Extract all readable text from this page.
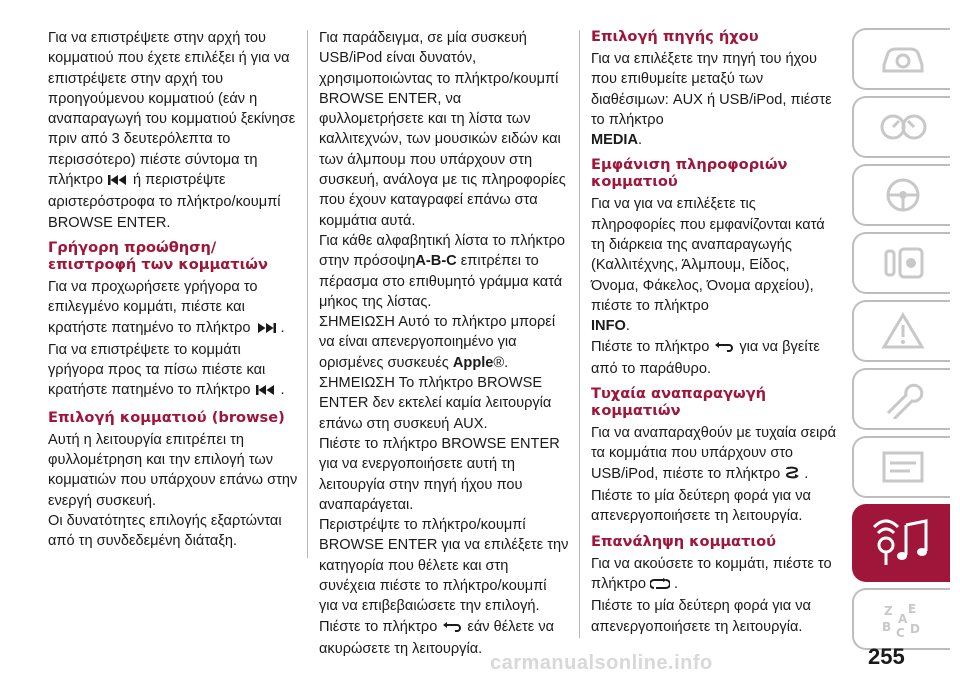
Για να επιστρέψετε στην αρχή του κομματιού που έχετε επιλέξει ή για να επιστρέψετε στην αρχή του προηγούμενου κομματιού (εάν η αναπαραγωγή του κομματιού ξεκίνησε πριν από 3 δευτερόλεπτα το περισσότερο) πιέστε σύντομα τη πλήκτρο ή περιστρέψτε αριστερόστροφα το πλήκτρο/κουμπί BROWSE ENTER.

Γρήγορη προώθηση/επιστροφή των κομματιών

Για να προχωρήσετε γρήγορα το επιλεγμένο κομμάτι, πιέστε και κρατήστε πατημένο το πλήκτρο .

Για να επιστρέψετε το κομμάτι γρήγορα προς τα πίσω πιέστε και κρατήστε πατημένο το πλήκτρο .

Επιλογή κομματιού (browse)

Αυτή η λειτουργία επιτρέπει τη φυλλομέτρηση και την επιλογή των κομματιών που υπάρχουν επάνω στην ενεργή συσκευή.

Οι δυνατότητες επιλογής εξαρτώνται από τη συνδεδεμένη διάταξη.

Για παράδειγμα, σε μία συσκευή USB/iPod είναι δυνατόν, χρησιμοποιώντας το πλήκτρο/κουμπί BROWSE ENTER, να φυλλομετρήσετε και τη λίστα των καλλιτεχνών, των μουσικών ειδών και των άλμπουμ που υπάρχουν στη συσκευή, ανάλογα με τις πληροφορίες που έχουν καταγραφεί επάνω στα κομμάτια αυτά.

Για κάθε αλφαβητική λίστα το πλήκτρο στην πρόσοψηA-B-C επιτρέπει το πέρασμα στο επιθυμητό γράμμα κατά μήκος της λίστας.

ΣΗΜΕΙΩΣΗ Αυτό το πλήκτρο μπορεί να είναι απενεργοποιημένο για ορισμένες συσκευές Apple®.

ΣΗΜΕΙΩΣΗ Το πλήκτρο BROWSE ENTER δεν εκτελεί καμία λειτουργία επάνω στη συσκευή AUX.

Πιέστε το πλήκτρο BROWSE ENTER για να ενεργοποιήσετε αυτή τη λειτουργία στην πηγή ήχου που αναπαράγεται.

Περιστρέψτε το πλήκτρο/κουμπί BROWSE ENTER για να επιλέξετε την κατηγορία που θέλετε και στη συνέχεια πιέστε το πλήκτρο/κουμπί για να επιβεβαιώσετε την επιλογή.

Πιέστε το πλήκτρο εάν θέλετε να ακυρώσετε τη λειτουργία.

Επιλογή πηγής ήχου

Για να επιλέξετε την πηγή του ήχου που επιθυμείτε μεταξύ των διαθέσιμων: AUX ή USB/iPod, πιέστε το πλήκτρο
MEDIA.

Εμφάνιση πληροφοριών κομματιού

Για να για να επιλέξετε τις πληροφορίες που εμφανίζονται κατά τη διάρκεια της αναπαραγωγής (Καλλιτέχνης, Άλμπουμ, Είδος, Όνομα, Φάκελος, Όνομα αρχείου), πιέστε το πλήκτρο
INFO.

Πιέστε το πλήκτρο για να βγείτε από το παράθυρο.

Τυχαία αναπαραγωγή κομματιών

Για να αναπαραχθούν με τυχαία σειρά τα κομμάτια που υπάρχουν στο USB/iPod, πιέστε το πλήκτρο .

Πιέστε το μία δεύτερη φορά για να απενεργοποιήσετε τη λειτουργία.

Επανάληψη κομματιού

Για να ακούσετε το κομμάτι, πιέστε το πλήκτρο .

Πιέστε το μία δεύτερη φορά για να απενεργοποιήσετε τη λειτουργία.

Z E
B C D
A
255
carmanualsonline.info
